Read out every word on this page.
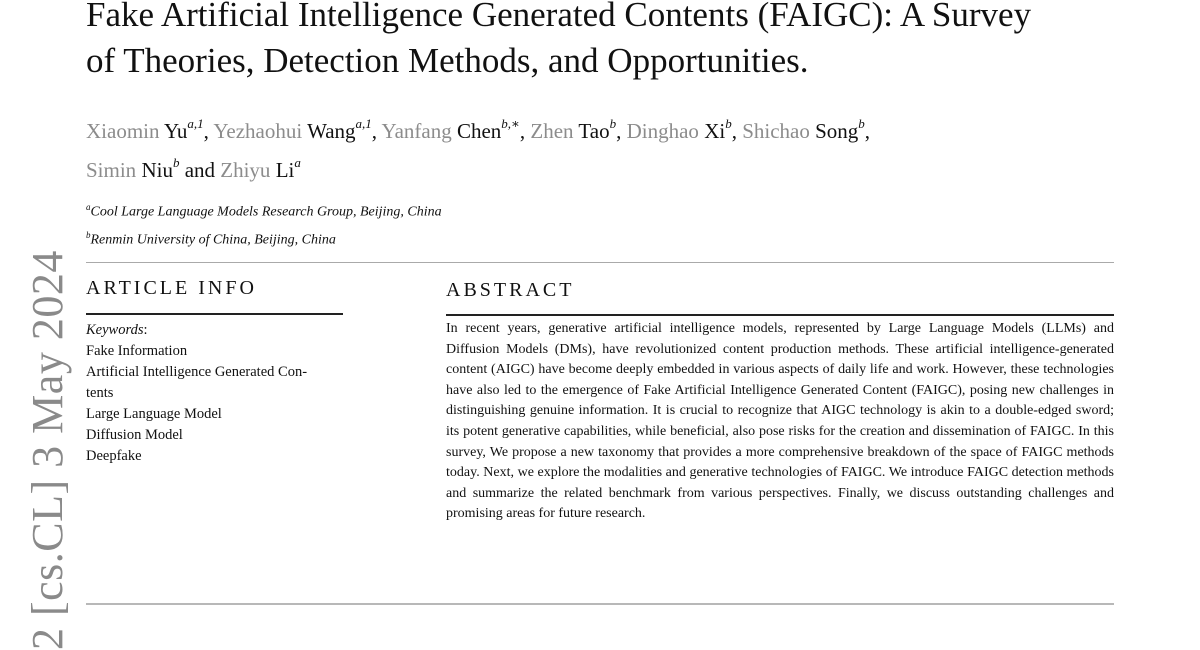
2 [cs.CL] 3 May 2024
Fake Artificial Intelligence Generated Contents (FAIGC): A Survey
of Theories, Detection Methods, and Opportunities.
Xiaomin Yu$^{a,1}$, Yezhaohui Wang$^{a,1}$, Yanfang Chen$^{b,∗}$, Zhen Tao$^b$, Dinghao Xi$^b$, Shichao Song$^b$,
Simin Niu$^b$ and Zhiyu Li$^a$
$^a$Cool Large Language Models Research Group, Beijing, China
$^b$Renmin University of China, Beijing, China
ARTICLE INFO
Keywords:
Fake Information
Artificial Intelligence Generated Con-
tents
Large Language Model
Diffusion Model
Deepfake
ABSTRACT

In recent years, generative artificial intelligence models, represented by Large Language Models (LLMs) and Diffusion Models (DMs), have revolutionized content production methods. These artificial intelligence-generated content (AIGC) have become deeply embedded in various aspects of daily life and work. However, these technologies have also led to the emergence of Fake Artificial Intelligence Generated Content (FAIGC), posing new challenges in distinguishing genuine information. It is crucial to recognize that AIGC technology is akin to a double-edged sword; its potent generative capabilities, while beneficial, also pose risks for the creation and dissemination of FAIGC. In this survey, We propose a new taxonomy that provides a more comprehensive breakdown of the space of FAIGC methods today. Next, we explore the modalities and generative technologies of FAIGC. We introduce FAIGC detection methods and summarize the related benchmark from various perspectives. Finally, we discuss outstanding challenges and promising areas for future research.
